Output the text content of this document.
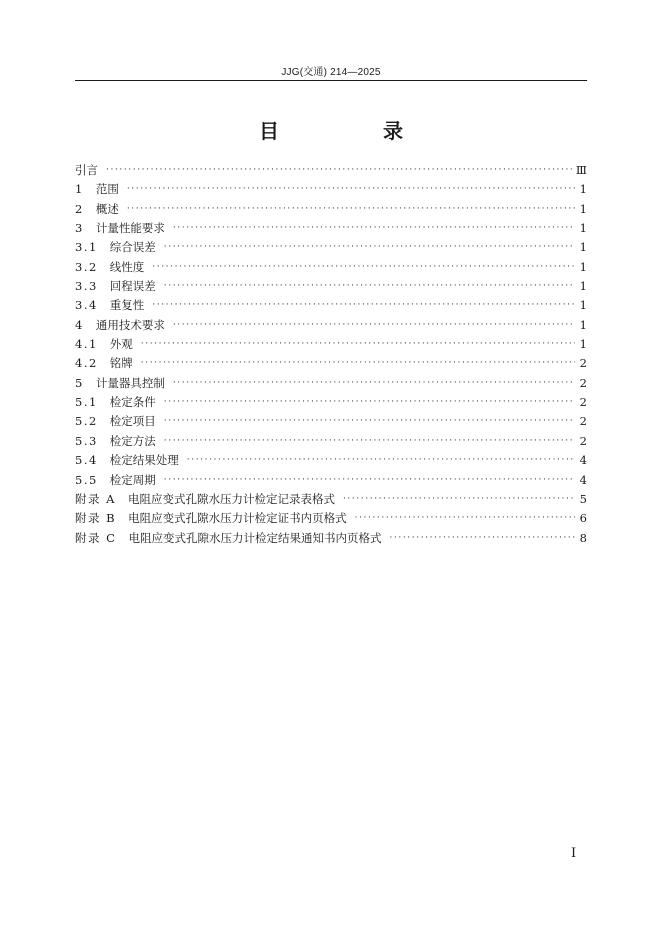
JJG(交通) 214—2025
目　录
引言 ·····	Ⅲ
1 范围 ·····	1
2 概述 ·····	1
3 计量性能要求 ·····	1
3.1 综合误差 ·····	1
3.2 线性度 ·····	1
3.3 回程误差 ·····	1
3.4 重复性 ·····	1
4 通用技术要求 ·····	1
4.1 外观 ·····	1
4.2 铭牌 ·····	2
5 计量器具控制 ·····	2
5.1 检定条件 ·····	2
5.2 检定项目 ·····	2
5.3 检定方法 ·····	2
5.4 检定结果处理 ·····	4
5.5 检定周期 ·····	4
附录 A 电阻应变式孔隙水压力计检定记录表格式 ·····	5
附录 B 电阻应变式孔隙水压力计检定证书内页格式 ·····	6
附录 C 电阻应变式孔隙水压力计检定结果通知书内页格式 ·····	8
I
